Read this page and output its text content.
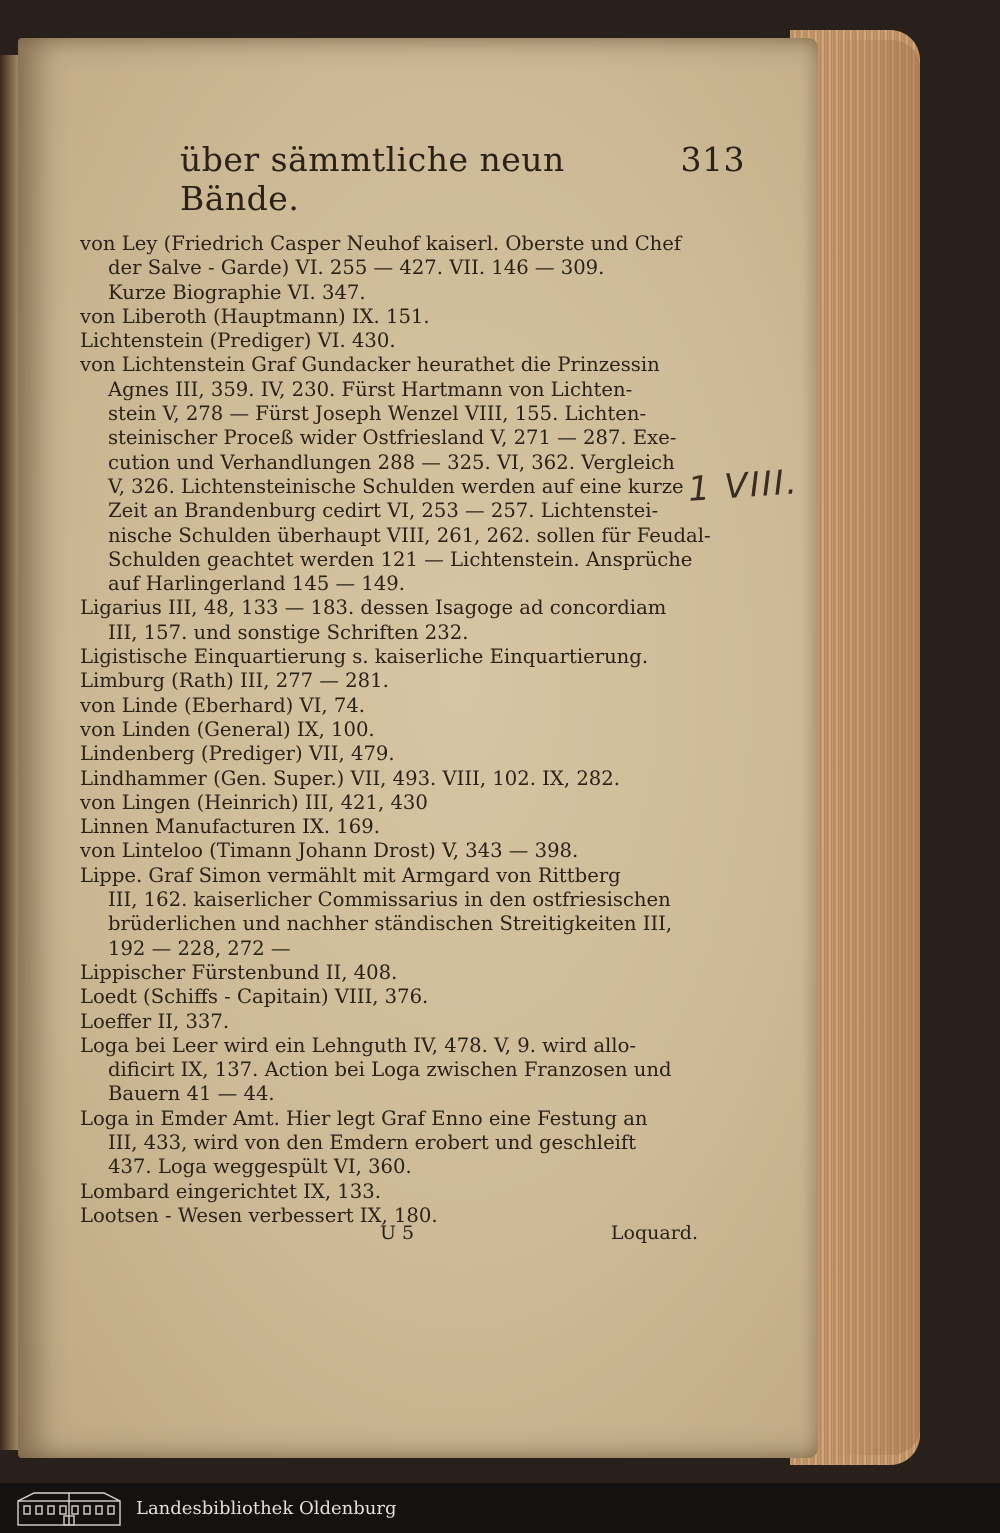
über sämmtliche neun Bände.
313
von Ley (Friedrich Casper Neuhof kaiserl. Oberste und Chef
der Salve - Garde) VI. 255 — 427. VII. 146 — 309.
Kurze Biographie VI. 347.
von Liberoth (Hauptmann) IX. 151.
Lichtenstein (Prediger) VI. 430.
von Lichtenstein Graf Gundacker heurathet die Prinzessin
Agnes III, 359. IV, 230. Fürst Hartmann von Lichten-
stein V, 278 — Fürst Joseph Wenzel VIII, 155. Lichten-
steinischer Proceß wider Ostfriesland V, 271 — 287. Exe-
cution und Verhandlungen 288 — 325. VI, 362. Vergleich
V, 326. Lichtensteinische Schulden werden auf eine kurze
Zeit an Brandenburg cedirt VI, 253 — 257. Lichtenstei-
nische Schulden überhaupt VIII, 261, 262. sollen für Feudal-
Schulden geachtet werden 121 — Lichtenstein. Ansprüche
auf Harlingerland 145 — 149.
Ligarius III, 48, 133 — 183. dessen Isagoge ad concordiam
III, 157. und sonstige Schriften 232.
Ligistische Einquartierung s. kaiserliche Einquartierung.
Limburg (Rath) III, 277 — 281.
von Linde (Eberhard) VI, 74.
von Linden (General) IX, 100.
Lindenberg (Prediger) VII, 479.
Lindhammer (Gen. Super.) VII, 493. VIII, 102. IX, 282.
von Lingen (Heinrich) III, 421, 430
Linnen Manufacturen IX. 169.
von Linteloo (Timann Johann Drost) V, 343 — 398.
Lippe. Graf Simon vermählt mit Armgard von Rittberg
III, 162. kaiserlicher Commissarius in den ostfriesischen
brüderlichen und nachher ständischen Streitigkeiten III,
192 — 228, 272 —
Lippischer Fürstenbund II, 408.
Loedt (Schiffs - Capitain) VIII, 376.
Loeffer II, 337.
Loga bei Leer wird ein Lehnguth IV, 478. V, 9. wird allo-
dificirt IX, 137. Action bei Loga zwischen Franzosen und
Bauern 41 — 44.
Loga in Emder Amt. Hier legt Graf Enno eine Festung an
III, 433, wird von den Emdern erobert und geschleift
437. Loga weggespült VI, 360.
Lombard eingerichtet IX, 133.
Lootsen - Wesen verbessert IX, 180.
U 5	Loquard.
1 VIII.
Landesbibliothek Oldenburg
